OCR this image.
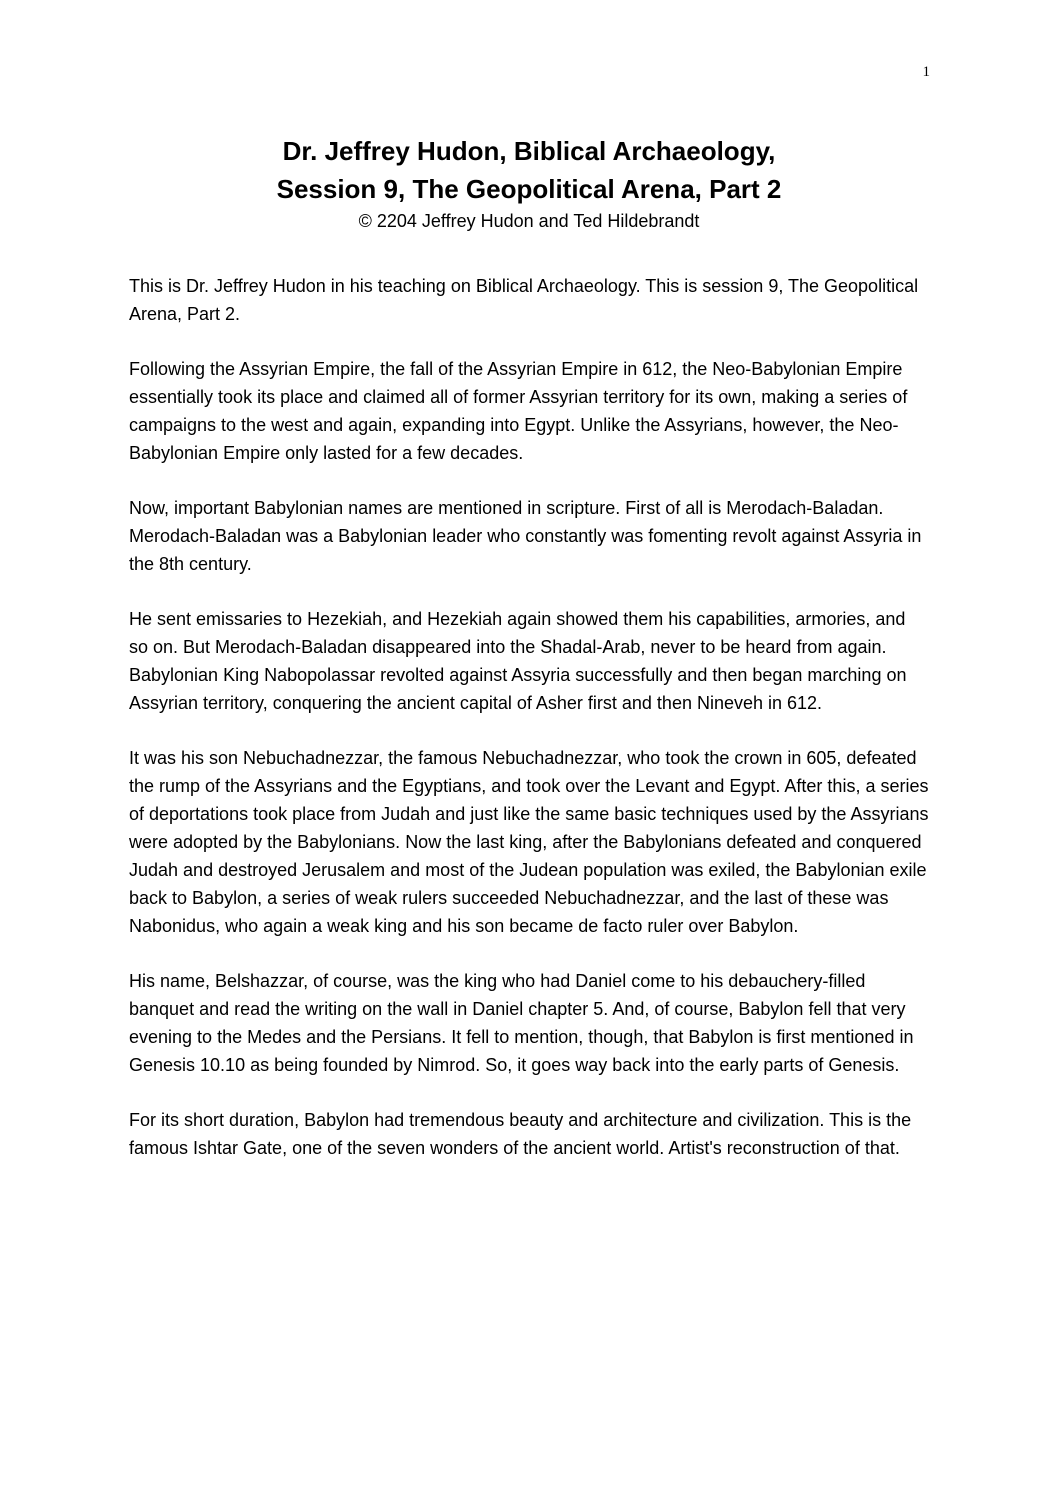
1

Dr. Jeffrey Hudon, Biblical Archaeology,

Session 9, The Geopolitical Arena, Part 2

© 2204 Jeffrey Hudon and Ted Hildebrandt

This is Dr. Jeffrey Hudon in his teaching on Biblical Archaeology. This is session 9, The Geopolitical Arena, Part 2.

Following the Assyrian Empire, the fall of the Assyrian Empire in 612, the Neo-Babylonian Empire essentially took its place and claimed all of former Assyrian territory for its own, making a series of campaigns to the west and again, expanding into Egypt. Unlike the Assyrians, however, the Neo-Babylonian Empire only lasted for a few decades.

Now, important Babylonian names are mentioned in scripture. First of all is Merodach-Baladan. Merodach-Baladan was a Babylonian leader who constantly was fomenting revolt against Assyria in the 8th century.

He sent emissaries to Hezekiah, and Hezekiah again showed them his capabilities, armories, and so on. But Merodach-Baladan disappeared into the Shadal-Arab, never to be heard from again. Babylonian King Nabopolassar revolted against Assyria successfully and then began marching on Assyrian territory, conquering the ancient capital of Asher first and then Nineveh in 612.

It was his son Nebuchadnezzar, the famous Nebuchadnezzar, who took the crown in 605, defeated the rump of the Assyrians and the Egyptians, and took over the Levant and Egypt. After this, a series of deportations took place from Judah and just like the same basic techniques used by the Assyrians were adopted by the Babylonians. Now the last king, after the Babylonians defeated and conquered Judah and destroyed Jerusalem and most of the Judean population was exiled, the Babylonian exile back to Babylon, a series of weak rulers succeeded Nebuchadnezzar, and the last of these was Nabonidus, who again a weak king and his son became de facto ruler over Babylon.

His name, Belshazzar, of course, was the king who had Daniel come to his debauchery-filled banquet and read the writing on the wall in Daniel chapter 5. And, of course, Babylon fell that very evening to the Medes and the Persians. It fell to mention, though, that Babylon is first mentioned in Genesis 10.10 as being founded by Nimrod. So, it goes way back into the early parts of Genesis.

For its short duration, Babylon had tremendous beauty and architecture and civilization. This is the famous Ishtar Gate, one of the seven wonders of the ancient world. Artist's reconstruction of that.
